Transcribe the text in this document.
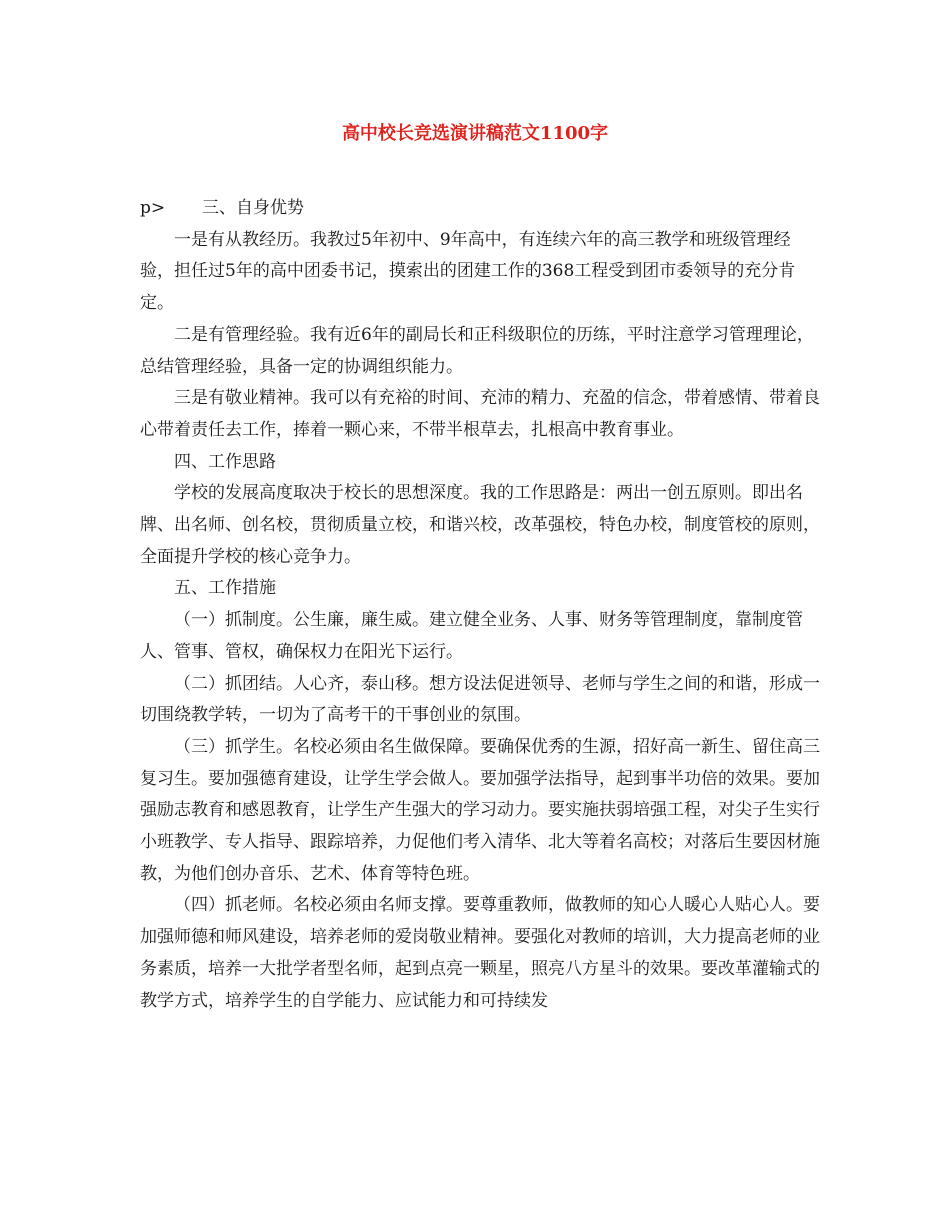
高中校长竞选演讲稿范文1100字

p> 三、自身优势

一是有从教经历。我教过5年初中、9年高中，有连续六年的高三教学和班级管理经验，担任过5年的高中团委书记，摸索出的团建工作的368工程受到团市委领导的充分肯定。

二是有管理经验。我有近6年的副局长和正科级职位的历练，平时注意学习管理理论，总结管理经验，具备一定的协调组织能力。

三是有敬业精神。我可以有充裕的时间、充沛的精力、充盈的信念，带着感情、带着良心带着责任去工作，捧着一颗心来，不带半根草去，扎根高中教育事业。

四、工作思路

学校的发展高度取决于校长的思想深度。我的工作思路是：两出一创五原则。即出名牌、出名师、创名校，贯彻质量立校，和谐兴校，改革强校，特色办校，制度管校的原则，全面提升学校的核心竞争力。

五、工作措施

（一）抓制度。公生廉，廉生威。建立健全业务、人事、财务等管理制度，靠制度管人、管事、管权，确保权力在阳光下运行。

（二）抓团结。人心齐，泰山移。想方设法促进领导、老师与学生之间的和谐，形成一切围绕教学转，一切为了高考干的干事创业的氛围。

（三）抓学生。名校必须由名生做保障。要确保优秀的生源，招好高一新生、留住高三复习生。要加强德育建设，让学生学会做人。要加强学法指导，起到事半功倍的效果。要加强励志教育和感恩教育，让学生产生强大的学习动力。要实施扶弱培强工程，对尖子生实行小班教学、专人指导、跟踪培养，力促他们考入清华、北大等着名高校；对落后生要因材施教，为他们创办音乐、艺术、体育等特色班。

（四）抓老师。名校必须由名师支撑。要尊重教师，做教师的知心人暖心人贴心人。要加强师德和师风建设，培养老师的爱岗敬业精神。要强化对教师的培训，大力提高老师的业务素质，培养一大批学者型名师，起到点亮一颗星，照亮八方星斗的效果。要改革灌输式的教学方式，培养学生的自学能力、应试能力和可持续发
